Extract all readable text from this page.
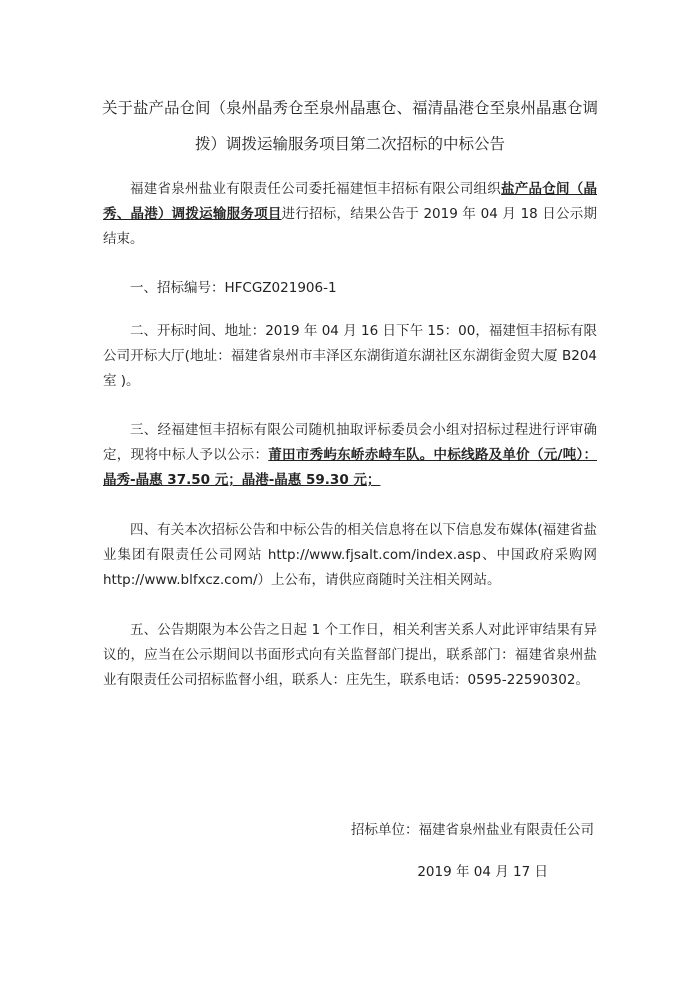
关于盐产品仓间（泉州晶秀仓至泉州晶惠仓、福清晶港仓至泉州晶惠仓调拨）调拨运输服务项目第二次招标的中标公告
福建省泉州盐业有限责任公司委托福建恒丰招标有限公司组织盐产品仓间（晶秀、晶港）调拨运输服务项目进行招标，结果公告于 2019 年 04 月 18 日公示期结束。
一、招标编号：HFCGZ021906-1
二、开标时间、地址：2019 年 04 月 16 日下午 15：00，福建恒丰招标有限公司开标大厅(地址：福建省泉州市丰泽区东湖街道东湖社区东湖街金贸大厦 B204 室 )。
三、经福建恒丰招标有限公司随机抽取评标委员会小组对招标过程进行评审确定，现将中标人予以公示：莆田市秀屿东峤赤峙车队。中标线路及单价（元/吨）：晶秀-晶惠 37.50 元；晶港-晶惠 59.30 元；
四、有关本次招标公告和中标公告的相关信息将在以下信息发布媒体(福建省盐业集团有限责任公司网站 http://www.fjsalt.com/index.asp、中国政府采购网 http://www.blfxcz.com/）上公布，请供应商随时关注相关网站。
五、公告期限为本公告之日起 1 个工作日，相关利害关系人对此评审结果有异议的，应当在公示期间以书面形式向有关监督部门提出，联系部门：福建省泉州盐业有限责任公司招标监督小组，联系人：庄先生，联系电话：0595-22590302。
招标单位：福建省泉州盐业有限责任公司
2019 年 04 月 17 日
